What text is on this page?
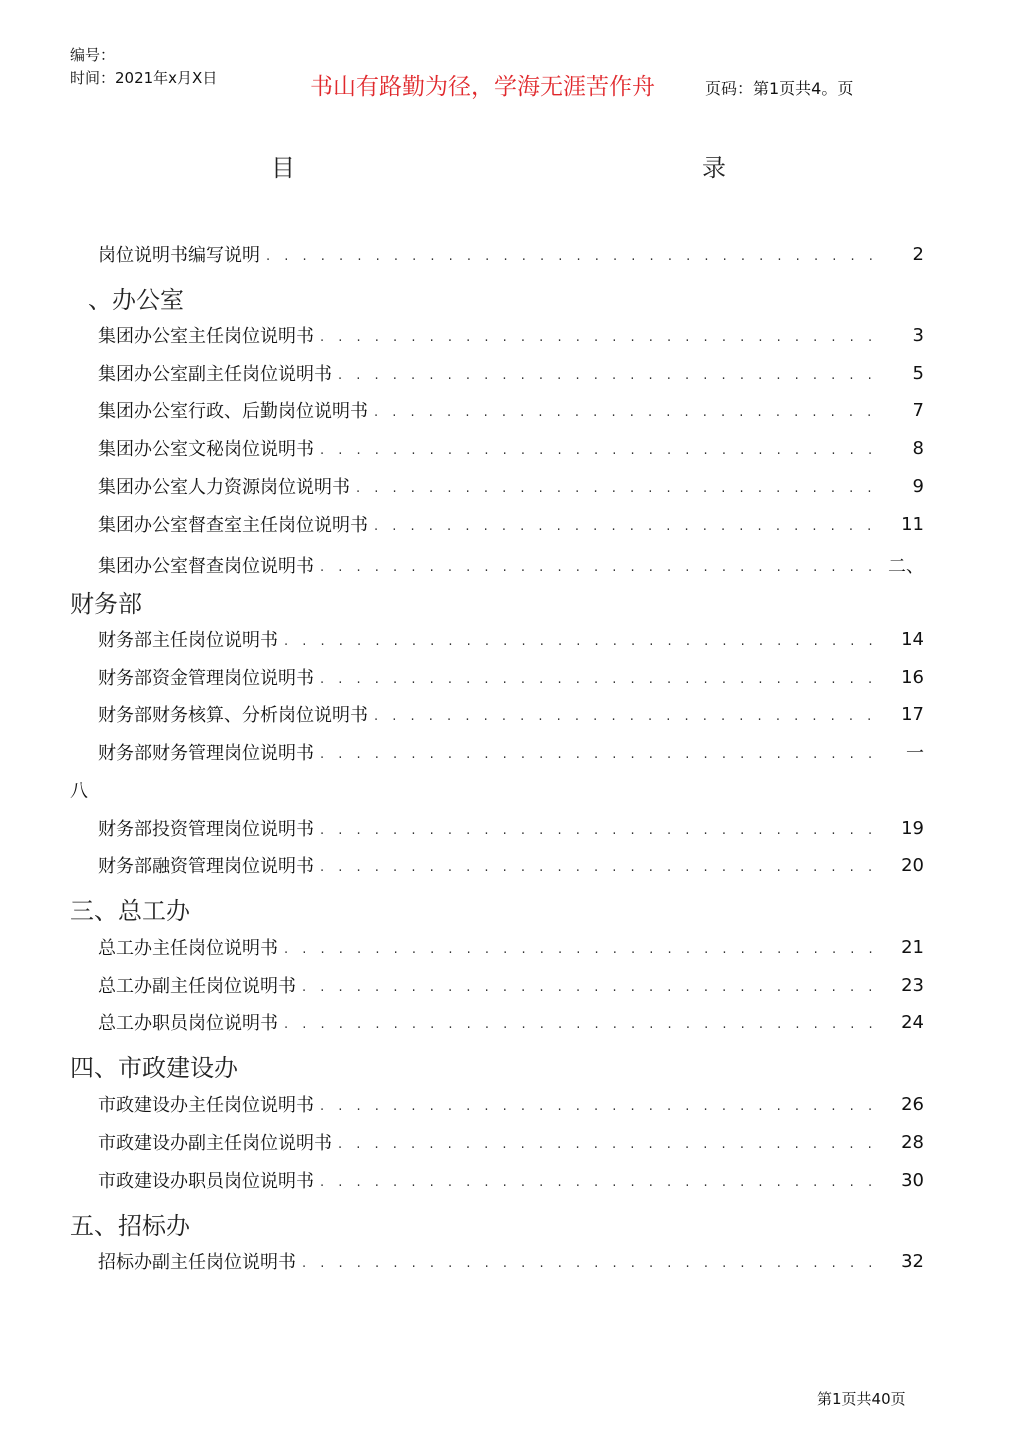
编号：
时间：2021年x月X日	书山有路勤为径，学海无涯苦作舟	页码：第1页共4。页
目	录
岗位说明书编写说明 . . .	2
、办公室
集团办公室主任岗位说明书 . . .	3
集团办公室副主任岗位说明书 . . .	5
集团办公室行政、后勤岗位说明书 . . .	7
集团办公室文秘岗位说明书 . . .	8
集团办公室人力资源岗位说明书 . . .	9
集团办公室督查室主任岗位说明书 . . .	11
集团办公室督查岗位说明书 . . .	二、
财务部
财务部主任岗位说明书 . . .	14
财务部资金管理岗位说明书 . . .	16
财务部财务核算、分析岗位说明书 . . .	17
财务部财务管理岗位说明书 . . .	一
八
财务部投资管理岗位说明书 . . .	19
财务部融资管理岗位说明书 . . .	20
三、总工办
总工办主任岗位说明书 . . .	21
总工办副主任岗位说明书 . . .	23
总工办职员岗位说明书 . . .	24
四、市政建设办
市政建设办主任岗位说明书 . . .	26
市政建设办副主任岗位说明书 . . .	28
市政建设办职员岗位说明书 . . .	30
五、招标办
招标办副主任岗位说明书 . . .	32
第1页共40页
